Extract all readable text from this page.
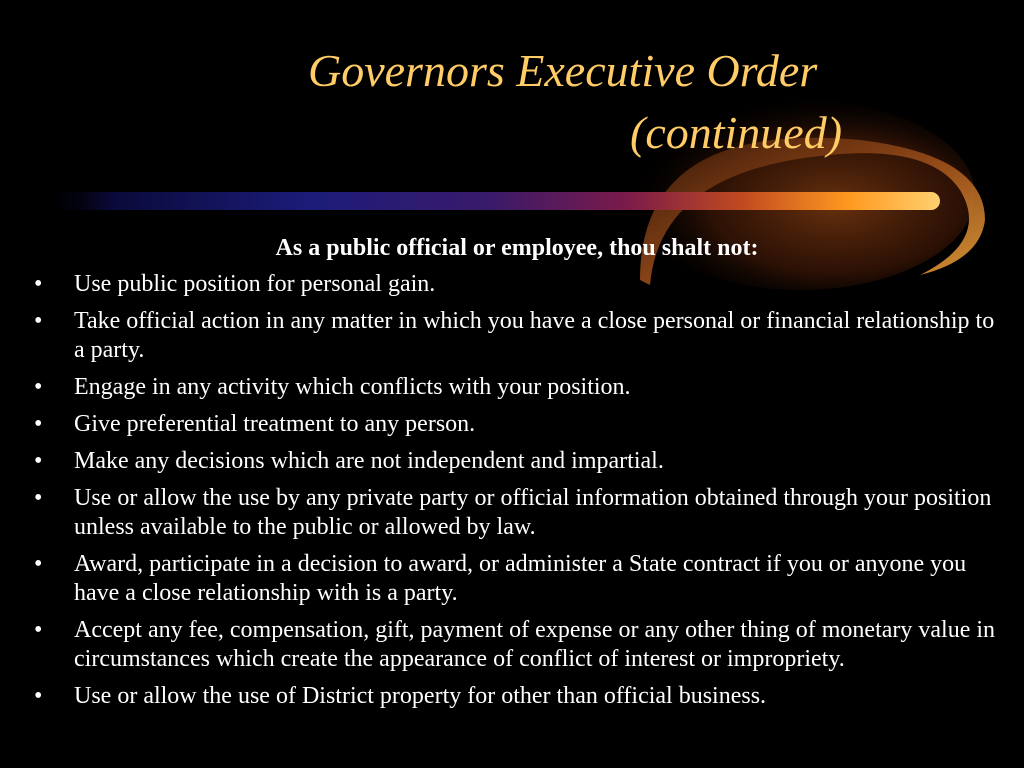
Governors Executive Order
(continued)
As a public official or employee, thou shalt not:
• Use public position for personal gain.
• Take official action in any matter in which you have a close personal or financial relationship to a party.
• Engage in any activity which conflicts with your position.
• Give preferential treatment to any person.
• Make any decisions which are not independent and impartial.
• Use or allow the use by any private party or official information obtained through your position unless available to the public or allowed by law.
• Award, participate in a decision to award, or administer a State contract if you or anyone you have a close relationship with is a party.
• Accept any fee, compensation, gift, payment of expense or any other thing of monetary value in circumstances which create the appearance of conflict of interest or impropriety.
• Use or allow the use of District property for other than official business.
